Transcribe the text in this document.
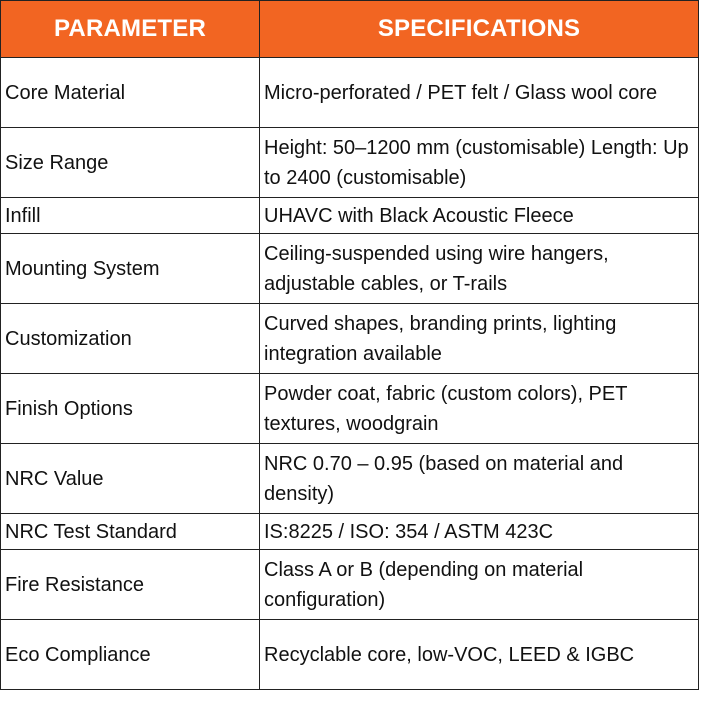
PARAMETER	SPECIFICATIONS
Core Material	Micro-perforated / PET felt / Glass wool core
Size Range	Height: 50–1200 mm (customisable) Length: Up to 2400 (customisable)
Infill	UHAVC with Black Acoustic Fleece
Mounting System	Ceiling-suspended using wire hangers, adjustable cables, or T-rails
Customization	Curved shapes, branding prints, lighting integration available
Finish Options	Powder coat, fabric (custom colors), PET textures, woodgrain
NRC Value	NRC 0.70 – 0.95 (based on material and density)
NRC Test Standard	IS:8225 / ISO: 354 / ASTM 423C
Fire Resistance	Class A or B (depending on material configuration)
Eco Compliance	Recyclable core, low-VOC, LEED & IGBC
